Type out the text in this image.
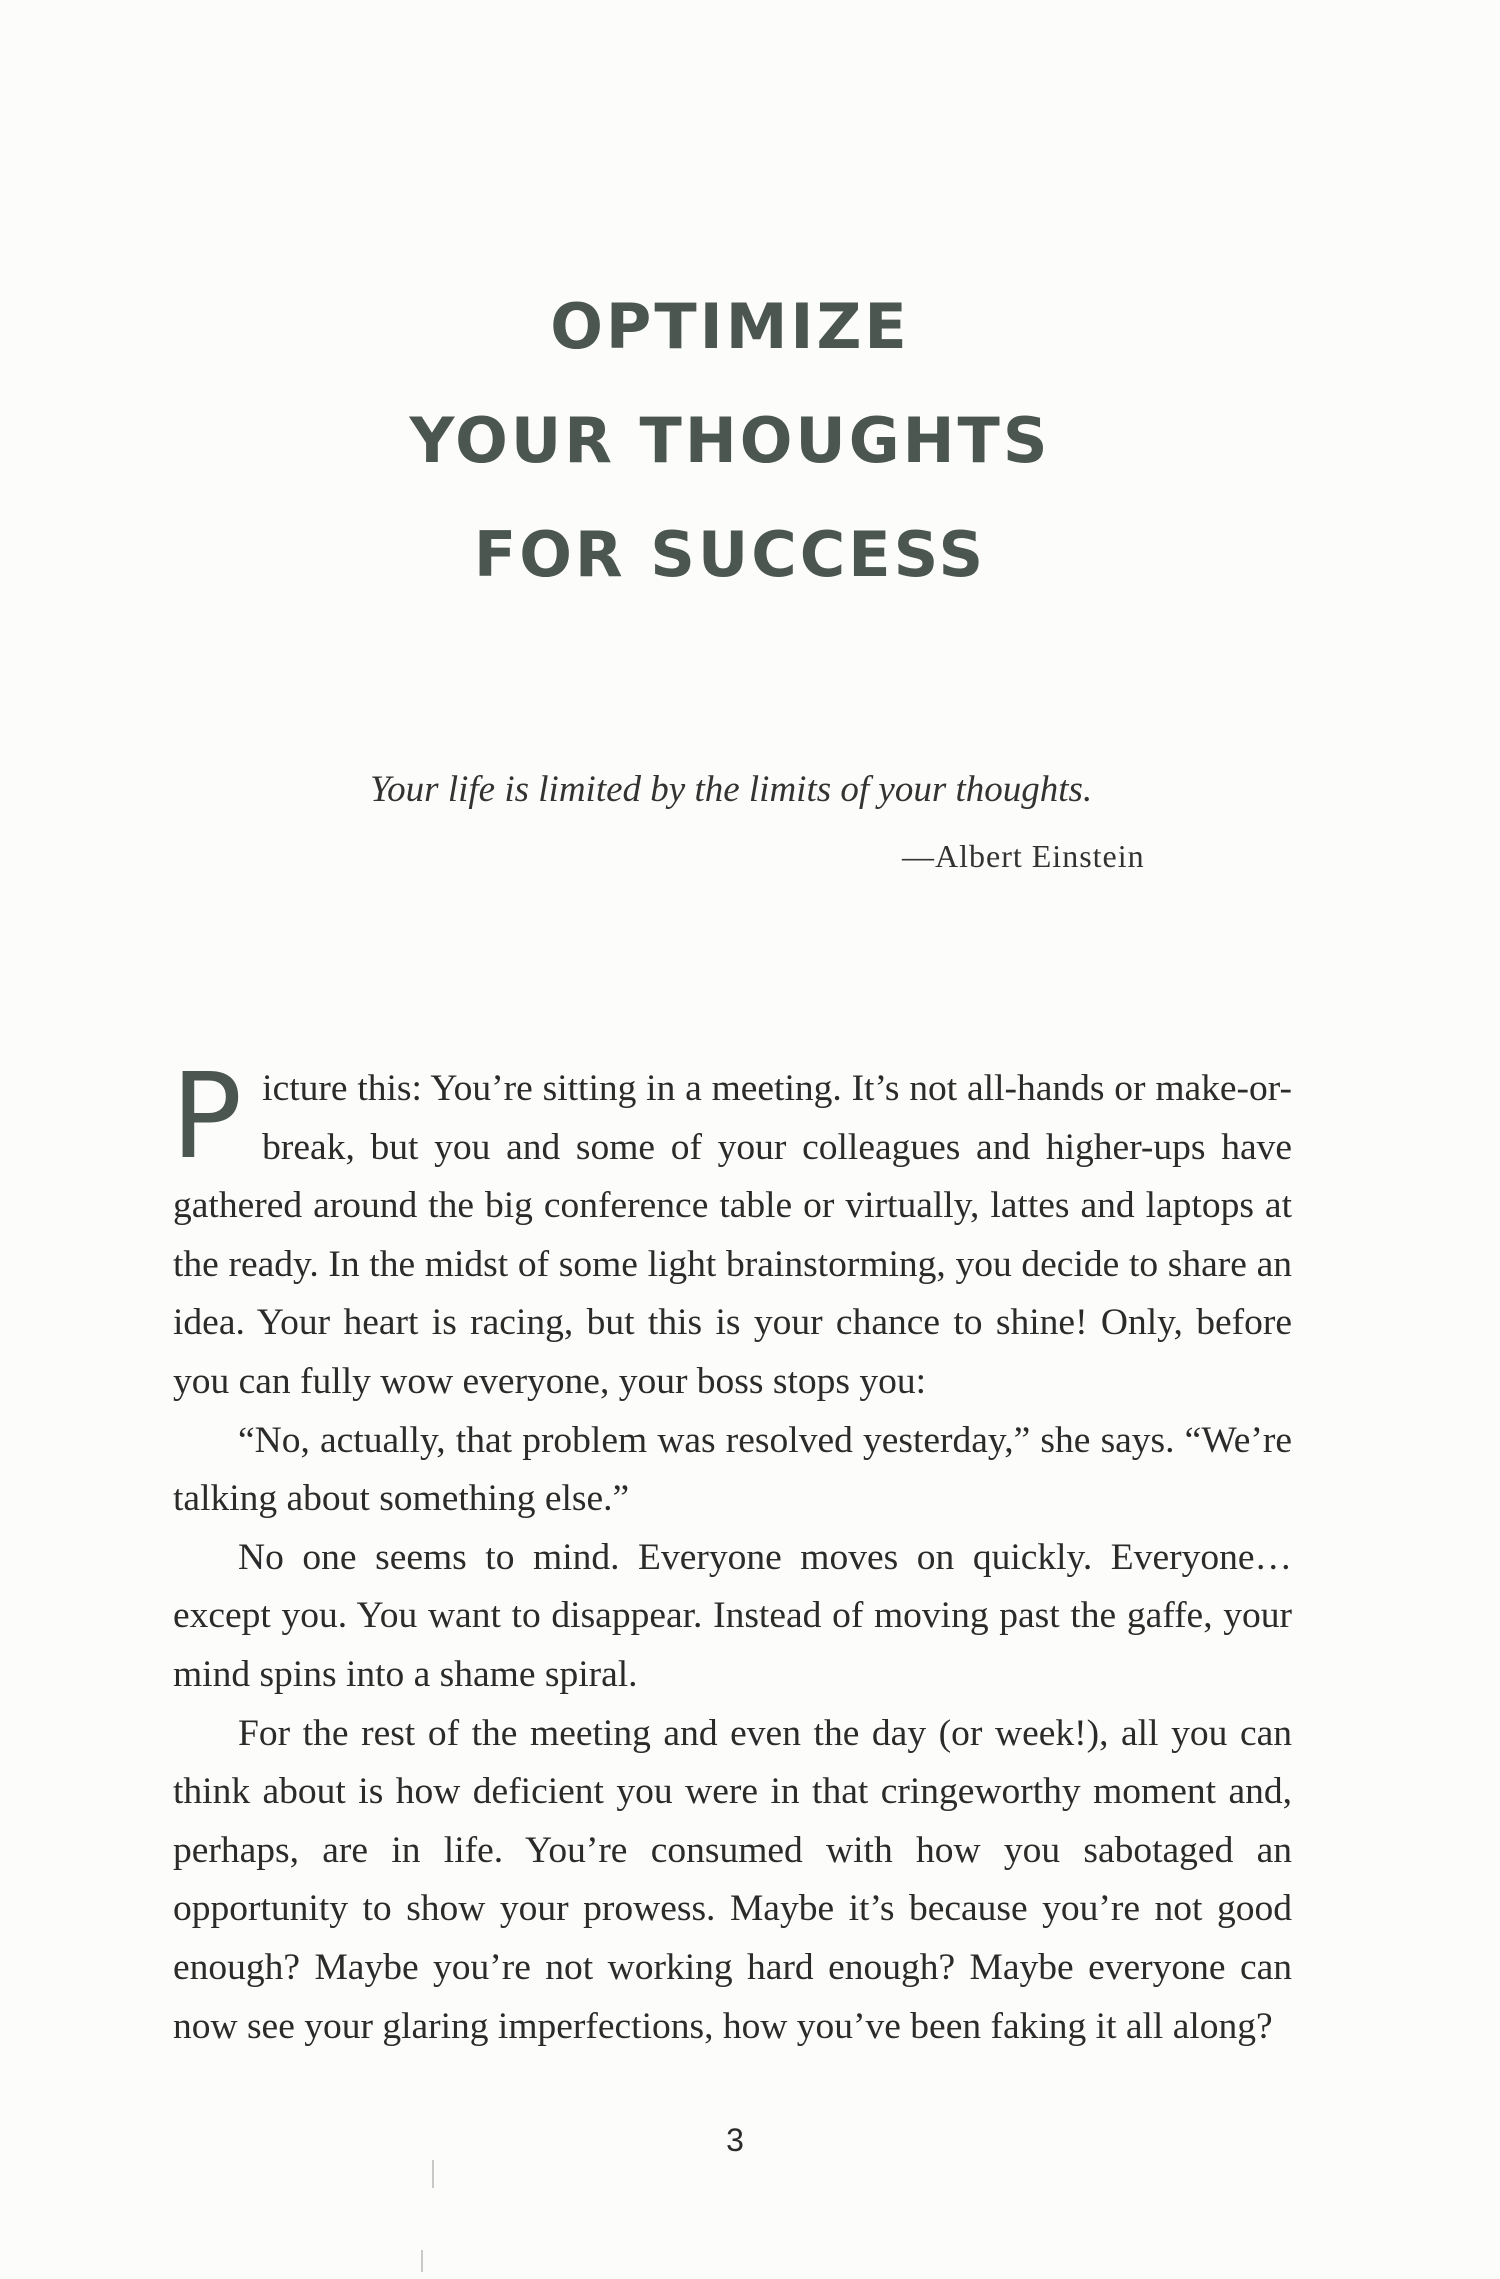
OPTIMIZE
YOUR THOUGHTS
FOR SUCCESS
Your life is limited by the limits of your thoughts.
—Albert Einstein

Picture this: You’re sitting in a meeting. It’s not all-hands or make-or-break, but you and some of your colleagues and higher-ups have gathered around the big conference table or virtually, lattes and laptops at the ready. In the midst of some light brainstorming, you decide to share an idea. Your heart is racing, but this is your chance to shine! Only, before you can fully wow everyone, your boss stops you:

“No, actually, that problem was resolved yesterday,” she says. “We’re talking about something else.”

No one seems to mind. Everyone moves on quickly. Everyone… except you. You want to disappear. Instead of moving past the gaffe, your mind spins into a shame spiral.

For the rest of the meeting and even the day (or week!), all you can think about is how deficient you were in that cringeworthy moment and, perhaps, are in life. You’re consumed with how you sabotaged an opportunity to show your prowess. Maybe it’s because you’re not good enough? Maybe you’re not working hard enough? Maybe everyone can now see your glaring imperfections, how you’ve been faking it all along?

3
